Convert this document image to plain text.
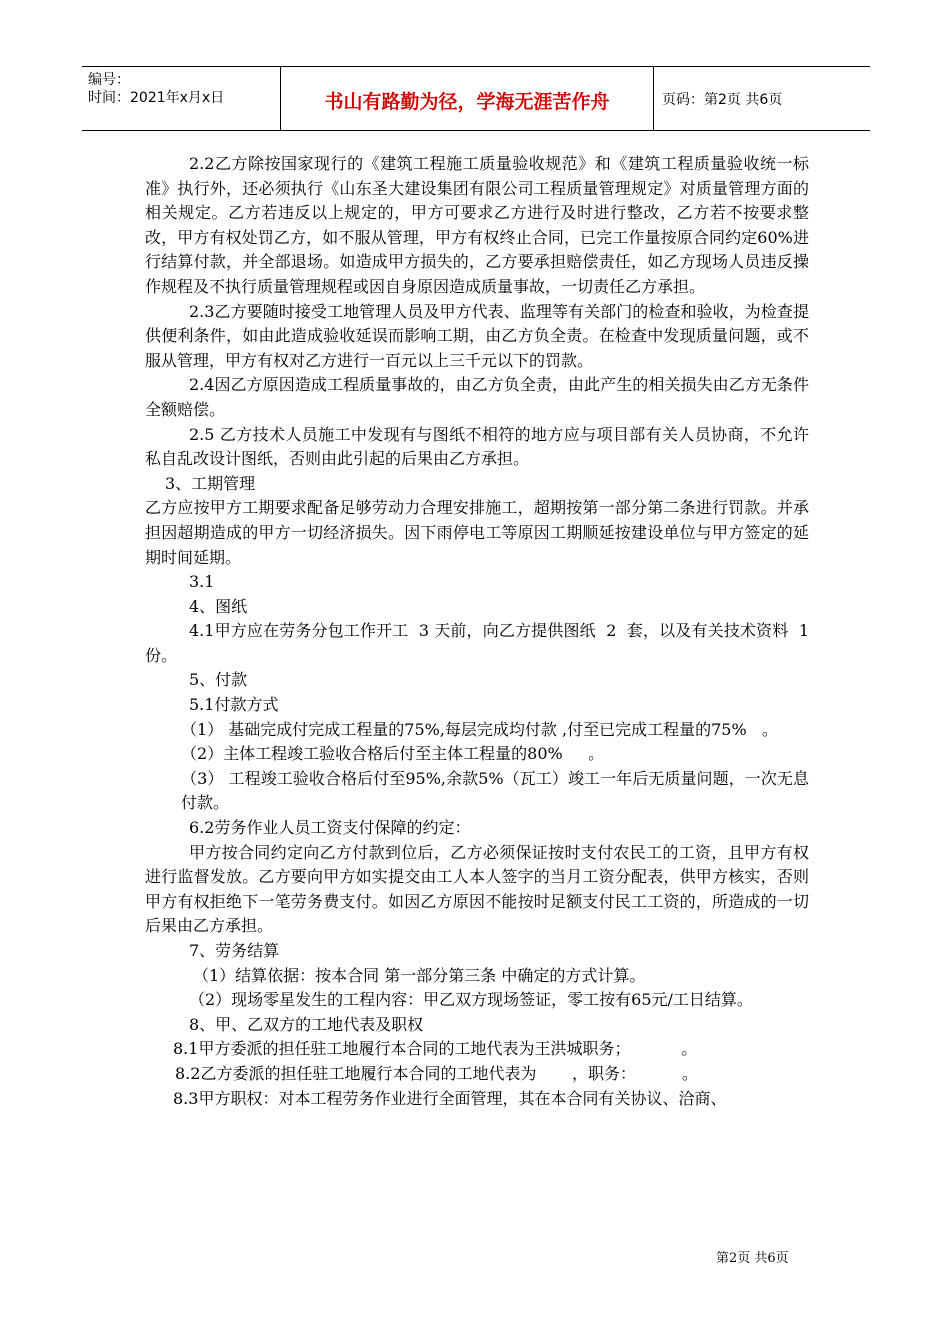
编号：
时间：2021年x月x日	书山有路勤为径，学海无涯苦作舟	页码：第2页 共6页

2.2乙方除按国家现行的《建筑工程施工质量验收规范》和《建筑工程质量验收统一标准》执行外，还必须执行《山东圣大建设集团有限公司工程质量管理规定》对质量管理方面的相关规定。乙方若违反以上规定的，甲方可要求乙方进行及时进行整改，乙方若不按要求整改，甲方有权处罚乙方，如不服从管理，甲方有权终止合同，已完工作量按原合同约定60%进行结算付款，并全部退场。如造成甲方损失的，乙方要承担赔偿责任，如乙方现场人员违反操作规程及不执行质量管理规程或因自身原因造成质量事故，一切责任乙方承担。

2.3乙方要随时接受工地管理人员及甲方代表、监理等有关部门的检查和验收，为检查提供便利条件，如由此造成验收延误而影响工期，由乙方负全责。在检查中发现质量问题，或不服从管理，甲方有权对乙方进行一百元以上三千元以下的罚款。

2.4因乙方原因造成工程质量事故的，由乙方负全责，由此产生的相关损失由乙方无条件全额赔偿。

2.5 乙方技术人员施工中发现有与图纸不相符的地方应与项目部有关人员协商，不允许私自乱改设计图纸，否则由此引起的后果由乙方承担。

3、工期管理

乙方应按甲方工期要求配备足够劳动力合理安排施工，超期按第一部分第二条进行罚款。并承担因超期造成的甲方一切经济损失。因下雨停电工等原因工期顺延按建设单位与甲方签定的延期时间延期。

3.1

4、图纸

4.1甲方应在劳务分包工作开工  3 天前，向乙方提供图纸  2  套，以及有关技术资料  1  份。

5、付款

5.1付款方式

（1） 基础完成付完成工程量的75%,每层完成均付款 ,付至已完成工程量的75%   。

（2）主体工程竣工验收合格后付至主体工程量的80%     。

（3） 工程竣工验收合格后付至95%,余款5%（瓦工）竣工一年后无质量问题，一次无息付款。

6.2劳务作业人员工资支付保障的约定：

甲方按合同约定向乙方付款到位后，乙方必须保证按时支付农民工的工资，且甲方有权进行监督发放。乙方要向甲方如实提交由工人本人签字的当月工资分配表，供甲方核实，否则甲方有权拒绝下一笔劳务费支付。如因乙方原因不能按时足额支付民工工资的，所造成的一切后果由乙方承担。

7、劳务结算

（1）结算依据：按本合同 第一部分第三条 中确定的方式计算。

（2）现场零星发生的工程内容：甲乙双方现场签证，零工按有65元/工日结算。

8、甲、乙双方的工地代表及职权

8.1甲方委派的担任驻工地履行本合同的工地代表为王洪城职务；          。

8.2乙方委派的担任驻工地履行本合同的工地代表为       ，职务：         。

8.3甲方职权：对本工程劳务作业进行全面管理，其在本合同有关协议、洽商、

第2页 共6页
